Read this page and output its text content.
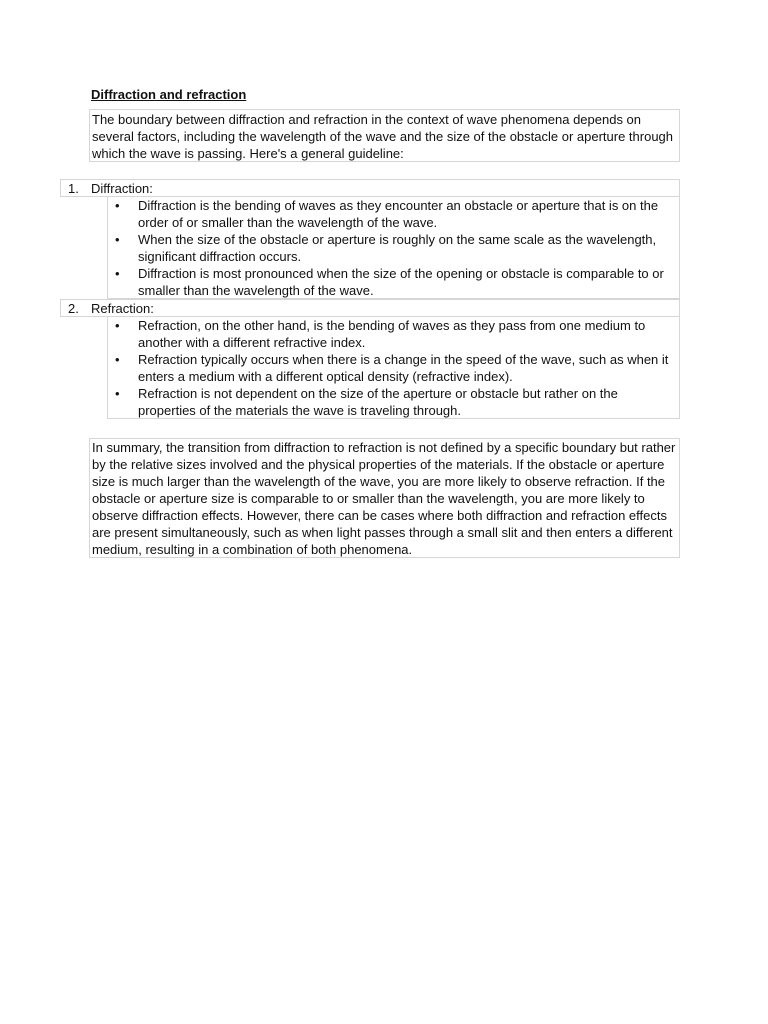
Diffraction and refraction
The boundary between diffraction and refraction in the context of wave phenomena depends on several factors, including the wavelength of the wave and the size of the obstacle or aperture through which the wave is passing. Here's a general guideline:
1. Diffraction:
• Diffraction is the bending of waves as they encounter an obstacle or aperture that is on the order of or smaller than the wavelength of the wave.
• When the size of the obstacle or aperture is roughly on the same scale as the wavelength, significant diffraction occurs.
• Diffraction is most pronounced when the size of the opening or obstacle is comparable to or smaller than the wavelength of the wave.
2. Refraction:
• Refraction, on the other hand, is the bending of waves as they pass from one medium to another with a different refractive index.
• Refraction typically occurs when there is a change in the speed of the wave, such as when it enters a medium with a different optical density (refractive index).
• Refraction is not dependent on the size of the aperture or obstacle but rather on the properties of the materials the wave is traveling through.
In summary, the transition from diffraction to refraction is not defined by a specific boundary but rather by the relative sizes involved and the physical properties of the materials. If the obstacle or aperture size is much larger than the wavelength of the wave, you are more likely to observe refraction. If the obstacle or aperture size is comparable to or smaller than the wavelength, you are more likely to observe diffraction effects. However, there can be cases where both diffraction and refraction effects are present simultaneously, such as when light passes through a small slit and then enters a different medium, resulting in a combination of both phenomena.
